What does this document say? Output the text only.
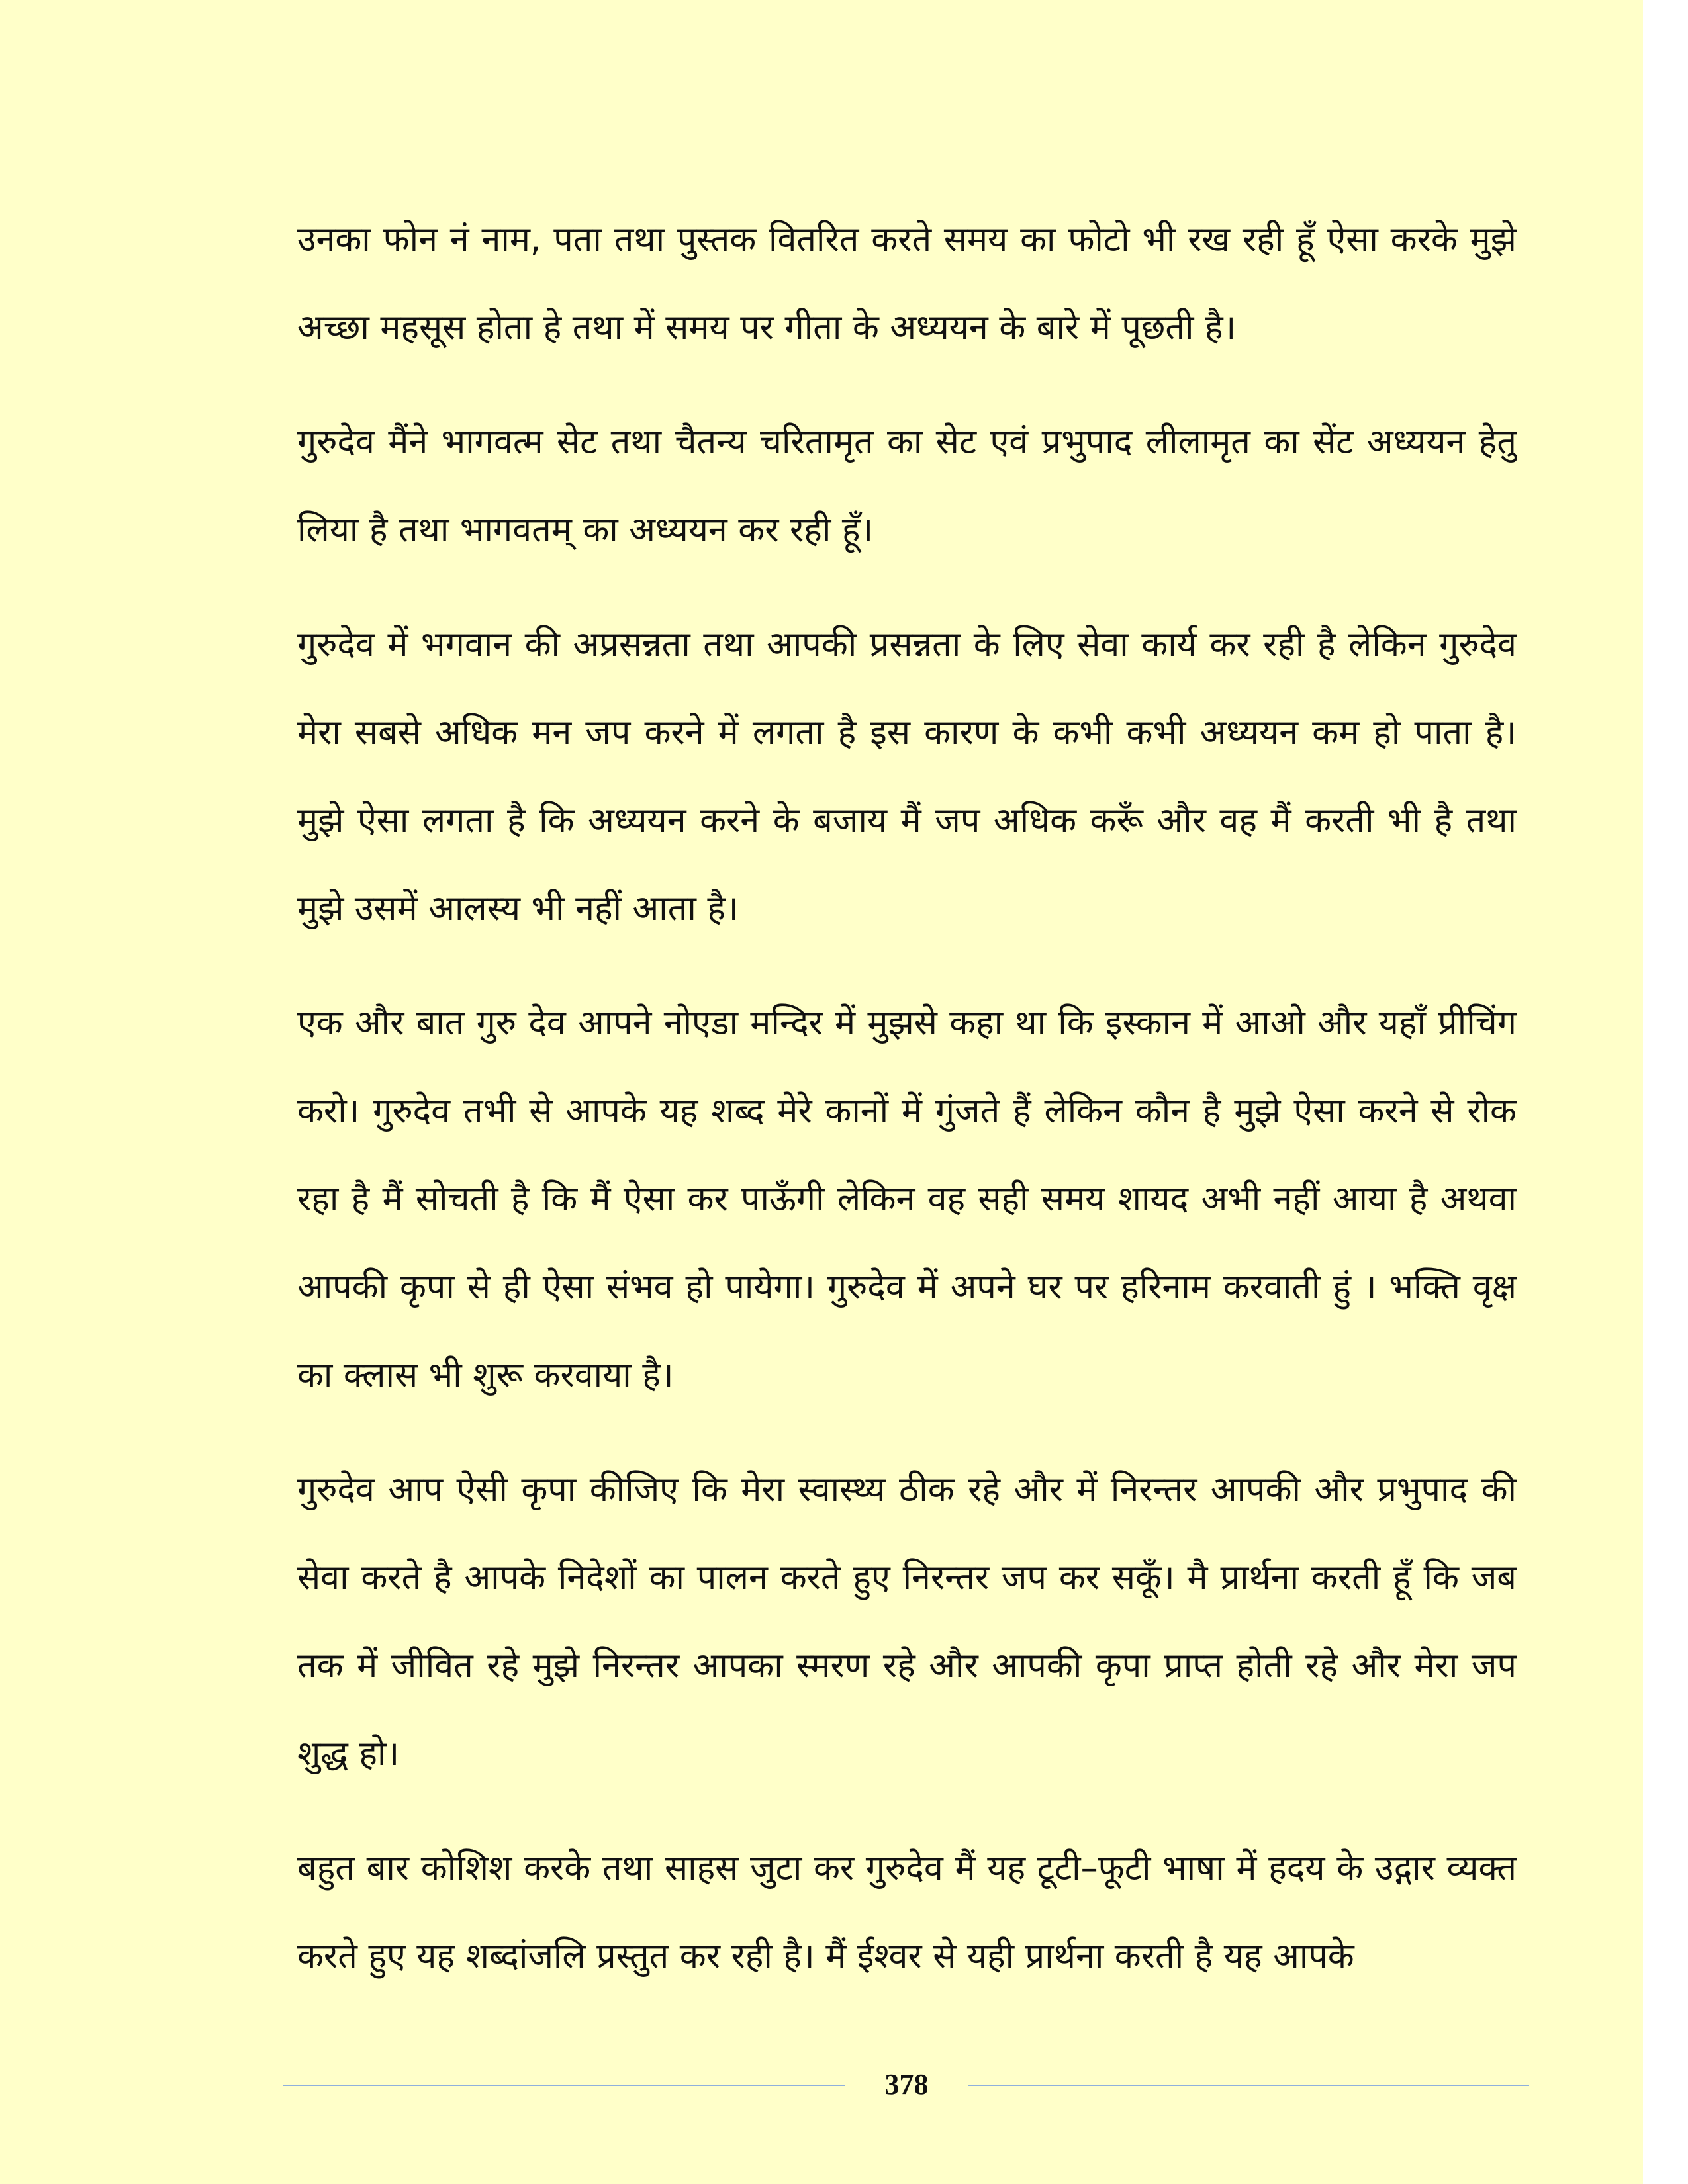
उनका फोन नं नाम, पता तथा पुस्तक वितरित करते समय का फोटो भी रख रही हूँ ऐसा करके मुझे अच्छा महसूस होता हे तथा में समय पर गीता के अध्ययन के बारे में पूछती है।

गुरुदेव मैंने भागवत्म सेट तथा चैतन्य चरितामृत का सेट एवं प्रभुपाद लीलामृत का सेंट अध्ययन हेतु लिया है तथा भागवतम् का अध्ययन कर रही हूँ।

गुरुदेव में भगवान की अप्रसन्नता तथा आपकी प्रसन्नता के लिए सेवा कार्य कर रही है लेकिन गुरुदेव मेरा सबसे अधिक मन जप करने में लगता है इस कारण के कभी कभी अध्ययन कम हो पाता है। मुझे ऐसा लगता है कि अध्ययन करने के बजाय मैं जप अधिक करूँ और वह मैं करती भी है तथा मुझे उसमें आलस्य भी नहीं आता है।

एक और बात गुरु देव आपने नोएडा मन्दिर में मुझसे कहा था कि इस्कान में आओ और यहाँ प्रीचिंग करो। गुरुदेव तभी से आपके यह शब्द मेरे कानों में गुंजते हैं लेकिन कौन है मुझे ऐसा करने से रोक रहा है मैं सोचती है कि मैं ऐसा कर पाऊँगी लेकिन वह सही समय शायद अभी नहीं आया है अथवा आपकी कृपा से ही ऐसा संभव हो पायेगा। गुरुदेव में अपने घर पर हरिनाम करवाती हुं । भक्ति वृक्ष का क्लास भी शुरू करवाया है।

गुरुदेव आप ऐसी कृपा कीजिए कि मेरा स्वास्थ्य ठीक रहे और में निरन्तर आपकी और प्रभुपाद की सेवा करते है आपके निदेशों का पालन करते हुए निरन्तर जप कर सकूँ। मै प्रार्थना करती हूँ कि जब तक में जीवित रहे मुझे निरन्तर आपका स्मरण रहे और आपकी कृपा प्राप्त होती रहे और मेरा जप शुद्ध हो।

बहुत बार कोशिश करके तथा साहस जुटा कर गुरुदेव मैं यह टूटी–फूटी भाषा में हदय के उद्गार व्यक्त करते हुए यह शब्दांजलि प्रस्तुत कर रही है। मैं ईश्वर से यही प्रार्थना करती है यह आपके

378
